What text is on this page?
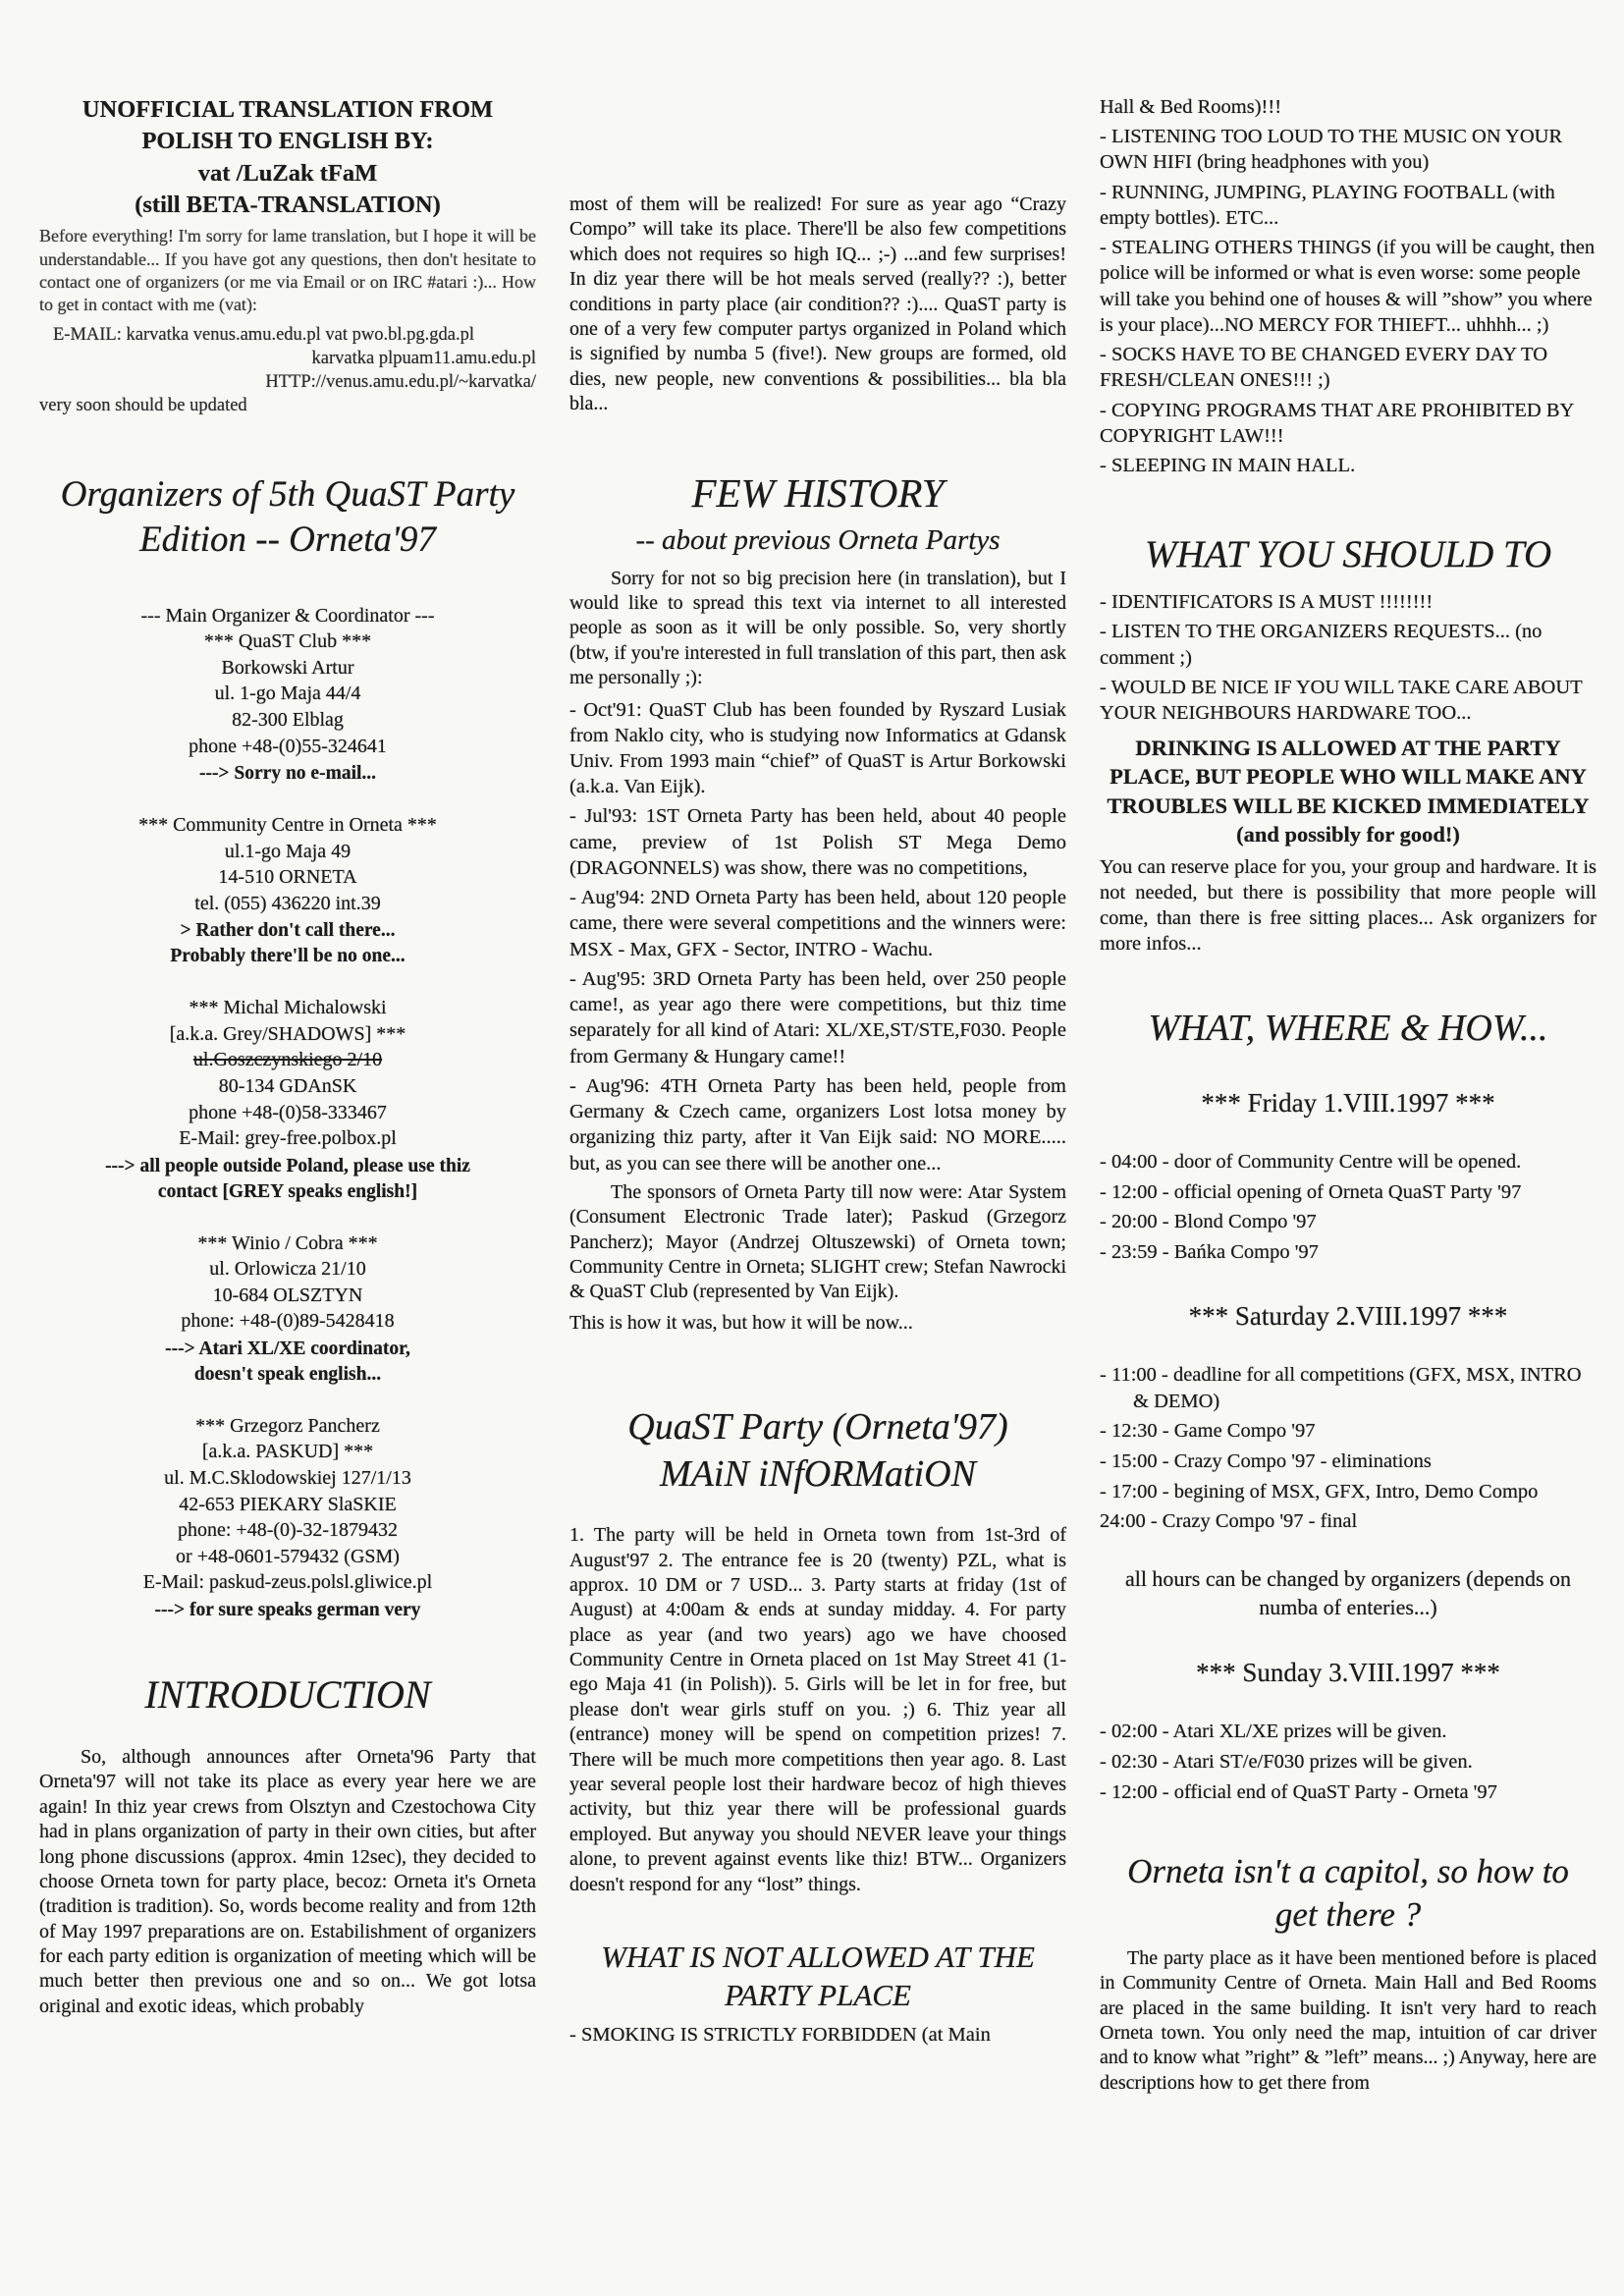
UNOFFICIAL TRANSLATION FROM
POLISH TO ENGLISH BY:
vat /LuZak tFaM
(still BETA-TRANSLATION)

Before everything! I'm sorry for lame translation, but I hope it will be understandable... If you have got any questions, then don't hesitate to contact one of organizers (or me via Email or on IRC #atari :)... How to get in contact with me (vat):

E-MAIL: karvatka venus.amu.edu.pl vat pwo.bl.pg.gda.pl
karvatka plpuam11.amu.edu.pl
HTTP://venus.amu.edu.pl/~karvatka/
very soon should be updated
Organizers of 5th QuaST Party
Edition -- Orneta'97
--- Main Organizer & Coordinator ---
*** QuaST Club ***
Borkowski Artur
ul. 1-go Maja 44/4
82-300 Elblag
phone +48-(0)55-324641
---> Sorry no e-mail...
*** Community Centre in Orneta ***
ul.1-go Maja 49
14-510 ORNETA
tel. (055) 436220 int.39
> Rather don't call there...
Probably there'll be no one...
*** Michal Michalowski
[a.k.a. Grey/SHADOWS] ***
ul.Goszczynskiego 2/10
80-134 GDAnSK
phone +48-(0)58-333467
E-Mail: grey-free.polbox.pl
---> all people outside Poland, please use thiz
contact [GREY speaks english!]
*** Winio / Cobra ***
ul. Orlowicza 21/10
10-684 OLSZTYN
phone: +48-(0)89-5428418
---> Atari XL/XE coordinator,
doesn't speak english...
*** Grzegorz Pancherz
[a.k.a. PASKUD] ***
ul. M.C.Sklodowskiej 127/1/13
42-653 PIEKARY SlaSKIE
phone: +48-(0)-32-1879432
or +48-0601-579432 (GSM)
E-Mail: paskud-zeus.polsl.gliwice.pl
---> for sure speaks german very
INTRODUCTION

So, although announces after Orneta'96 Party that Orneta'97 will not take its place as every year here we are again! In thiz year crews from Olsztyn and Czestochowa City had in plans organization of party in their own cities, but after long phone discussions (approx. 4min 12sec), they decided to choose Orneta town for party place, becoz: Orneta it's Orneta (tradition is tradition). So, words become reality and from 12th of May 1997 preparations are on. Estabilishment of organizers for each party edition is organization of meeting which will be much better then previous one and so on... We got lotsa original and exotic ideas, which probably

most of them will be realized! For sure as year ago “Crazy Compo” will take its place. There'll be also few competitions which does not requires so high IQ... ;-) ...and few surprises! In diz year there will be hot meals served (really?? :), better conditions in party place (air condition?? :).... QuaST party is one of a very few computer partys organized in Poland which is signified by numba 5 (five!). New groups are formed, old dies, new people, new conventions & possibilities... bla bla bla...

FEW HISTORY
-- about previous Orneta Partys

Sorry for not so big precision here (in translation), but I would like to spread this text via internet to all interested people as soon as it will be only possible. So, very shortly (btw, if you're interested in full translation of this part, then ask me personally ;):

- Oct'91: QuaST Club has been founded by Ryszard Lusiak from Naklo city, who is studying now Informatics at Gdansk Univ. From 1993 main “chief” of QuaST is Artur Borkowski (a.k.a. Van Eijk).
- Jul'93: 1ST Orneta Party has been held, about 40 people came, preview of 1st Polish ST Mega Demo (DRAGONNELS) was show, there was no competitions,
- Aug'94: 2ND Orneta Party has been held, about 120 people came, there were several competitions and the winners were: MSX - Max, GFX - Sector, INTRO - Wachu.
- Aug'95: 3RD Orneta Party has been held, over 250 people came!, as year ago there were competitions, but thiz time separately for all kind of Atari: XL/XE,ST/STE,F030. People from Germany & Hungary came!!
- Aug'96: 4TH Orneta Party has been held, people from Germany & Czech came, organizers Lost lotsa money by organizing thiz party, after it Van Eijk said: NO MORE..... but, as you can see there will be another one...

The sponsors of Orneta Party till now were: Atar System (Consument Electronic Trade later); Paskud (Grzegorz Pancherz); Mayor (Andrzej Oltuszewski) of Orneta town; Community Centre in Orneta; SLIGHT crew; Stefan Nawrocki & QuaST Club (represented by Van Eijk).

This is how it was, but how it will be now...

QuaST Party (Orneta'97)
MAiN iNfORMatiON

1. The party will be held in Orneta town from 1st-3rd of August'97 2. The entrance fee is 20 (twenty) PZL, what is approx. 10 DM or 7 USD... 3. Party starts at friday (1st of August) at 4:00am & ends at sunday midday. 4. For party place as year (and two years) ago we have choosed Community Centre in Orneta placed on 1st May Street 41 (1-ego Maja 41 (in Polish)). 5. Girls will be let in for free, but please don't wear girls stuff on you. ;) 6. Thiz year all (entrance) money will be spend on competition prizes! 7. There will be much more competitions then year ago. 8. Last year several people lost their hardware becoz of high thieves activity, but thiz year there will be professional guards employed. But anyway you should NEVER leave your things alone, to prevent against events like thiz! BTW... Organizers doesn't respond for any “lost” things.

WHAT IS NOT ALLOWED AT THE
PARTY PLACE

- SMOKING IS STRICTLY FORBIDDEN (at Main

Hall & Bed Rooms)!!!
- LISTENING TOO LOUD TO THE MUSIC ON YOUR OWN HIFI (bring headphones with you)
- RUNNING, JUMPING, PLAYING FOOTBALL (with empty bottles). ETC...
- STEALING OTHERS THINGS (if you will be caught, then police will be informed or what is even worse: some people will take you behind one of houses & will ”show” you where is your place)...NO MERCY FOR THIEFT... uhhhh... ;)
- SOCKS HAVE TO BE CHANGED EVERY DAY TO FRESH/CLEAN ONES!!! ;)
- COPYING PROGRAMS THAT ARE PROHIBITED BY COPYRIGHT LAW!!!
- SLEEPING IN MAIN HALL.
WHAT YOU SHOULD TO
- IDENTIFICATORS IS A MUST !!!!!!!!
- LISTEN TO THE ORGANIZERS REQUESTS... (no comment ;)
- WOULD BE NICE IF YOU WILL TAKE CARE ABOUT YOUR NEIGHBOURS HARDWARE TOO...
DRINKING IS ALLOWED AT THE PARTY PLACE, BUT PEOPLE WHO WILL MAKE ANY TROUBLES WILL BE KICKED IMMEDIATELY (and possibly for good!)

You can reserve place for you, your group and hardware. It is not needed, but there is possibility that more people will come, than there is free sitting places... Ask organizers for more infos...

WHAT, WHERE & HOW...
*** Friday 1.VIII.1997 ***
- 04:00 - door of Community Centre will be opened.
- 12:00 - official opening of Orneta QuaST Party '97
- 20:00 - Blond Compo '97
- 23:59 - Bańka Compo '97
*** Saturday 2.VIII.1997 ***
- 11:00 - deadline for all competitions (GFX, MSX, INTRO & DEMO)
- 12:30 - Game Compo '97
- 15:00 - Crazy Compo '97 - eliminations
- 17:00 - begining of MSX, GFX, Intro, Demo Compo
24:00 - Crazy Compo '97 - final
all hours can be changed by organizers (depends on numba of enteries...)
*** Sunday 3.VIII.1997 ***
- 02:00 - Atari XL/XE prizes will be given.
- 02:30 - Atari ST/e/F030 prizes will be given.
- 12:00 - official end of QuaST Party - Orneta '97
Orneta isn't a capitol, so how to
get there ?

The party place as it have been mentioned before is placed in Community Centre of Orneta. Main Hall and Bed Rooms are placed in the same building. It isn't very hard to reach Orneta town. You only need the map, intuition of car driver and to know what ”right” & ”left” means... ;) Anyway, here are descriptions how to get there from
